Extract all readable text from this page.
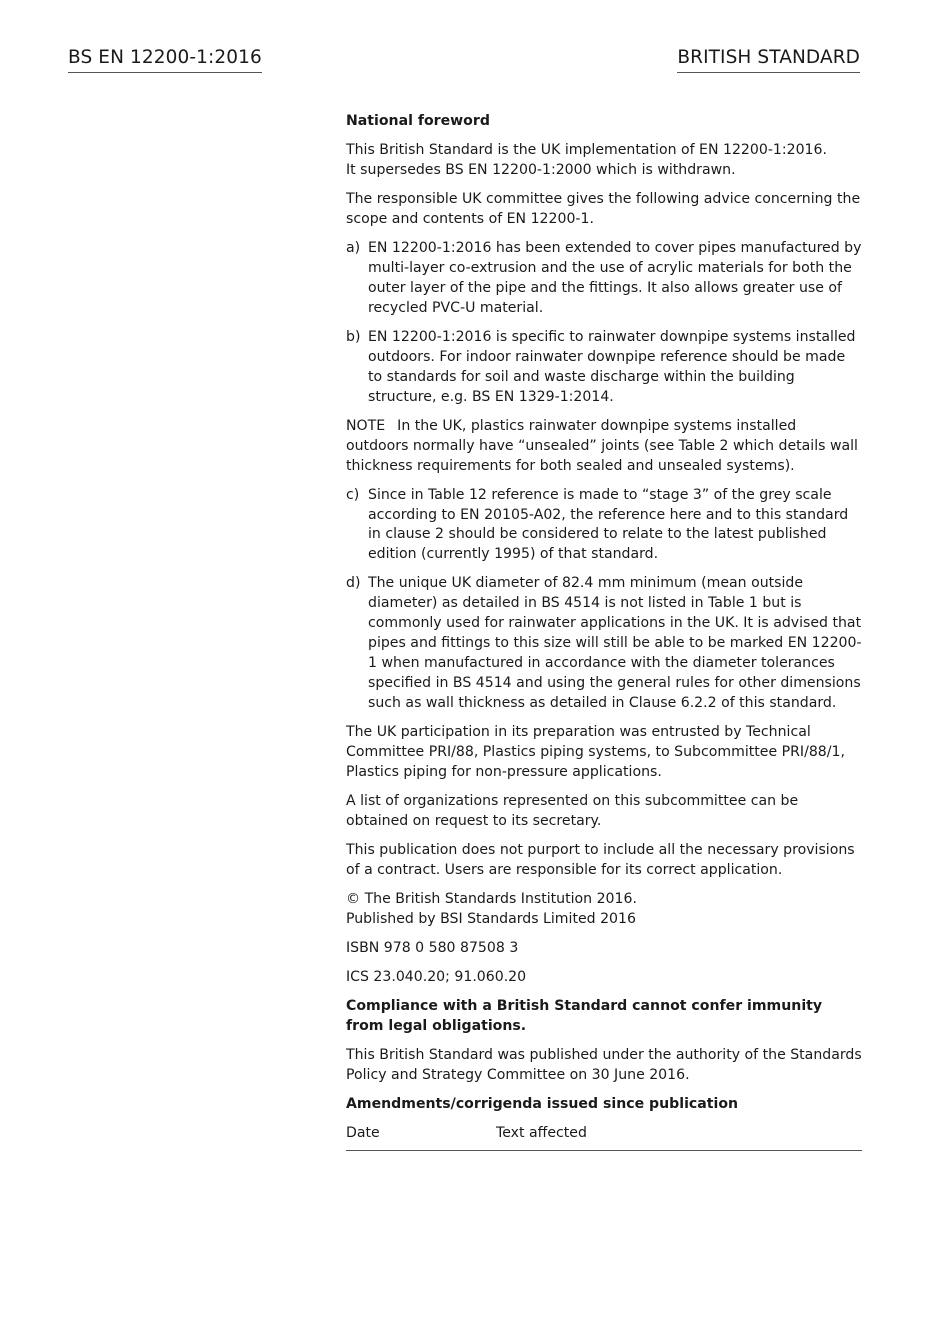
BS EN 12200-1:2016	BRITISH STANDARD

National foreword

This British Standard is the UK implementation of EN 12200-1:2016.
It supersedes BS EN 12200-1:2000 which is withdrawn.

The responsible UK committee gives the following advice concerning the scope and contents of EN 12200-1.

a) EN 12200-1:2016 has been extended to cover pipes manufactured by multi-layer co-extrusion and the use of acrylic materials for both the outer layer of the pipe and the fittings. It also allows greater use of recycled PVC-U material.
b) EN 12200-1:2016 is specific to rainwater downpipe systems installed outdoors. For indoor rainwater downpipe reference should be made to standards for soil and waste discharge within the building structure, e.g. BS EN 1329-1:2014.

NOTE In the UK, plastics rainwater downpipe systems installed outdoors normally have “unsealed” joints (see Table 2 which details wall thickness requirements for both sealed and unsealed systems).

c) Since in Table 12 reference is made to “stage 3” of the grey scale according to EN 20105-A02, the reference here and to this standard in clause 2 should be considered to relate to the latest published edition (currently 1995) of that standard.
d) The unique UK diameter of 82.4 mm minimum (mean outside diameter) as detailed in BS 4514 is not listed in Table 1 but is commonly used for rainwater applications in the UK. It is advised that pipes and fittings to this size will still be able to be marked EN 12200-1 when manufactured in accordance with the diameter tolerances specified in BS 4514 and using the general rules for other dimensions such as wall thickness as detailed in Clause 6.2.2 of this standard.

The UK participation in its preparation was entrusted by Technical Committee PRI/88, Plastics piping systems, to Subcommittee PRI/88/1, Plastics piping for non-pressure applications.

A list of organizations represented on this subcommittee can be obtained on request to its secretary.

This publication does not purport to include all the necessary provisions of a contract. Users are responsible for its correct application.

© The British Standards Institution 2016.
Published by BSI Standards Limited 2016

ISBN 978 0 580 87508 3

ICS 23.040.20; 91.060.20

Compliance with a British Standard cannot confer immunity from legal obligations.

This British Standard was published under the authority of the Standards Policy and Strategy Committee on 30 June 2016.

Amendments/corrigenda issued since publication

Date	Text affected
